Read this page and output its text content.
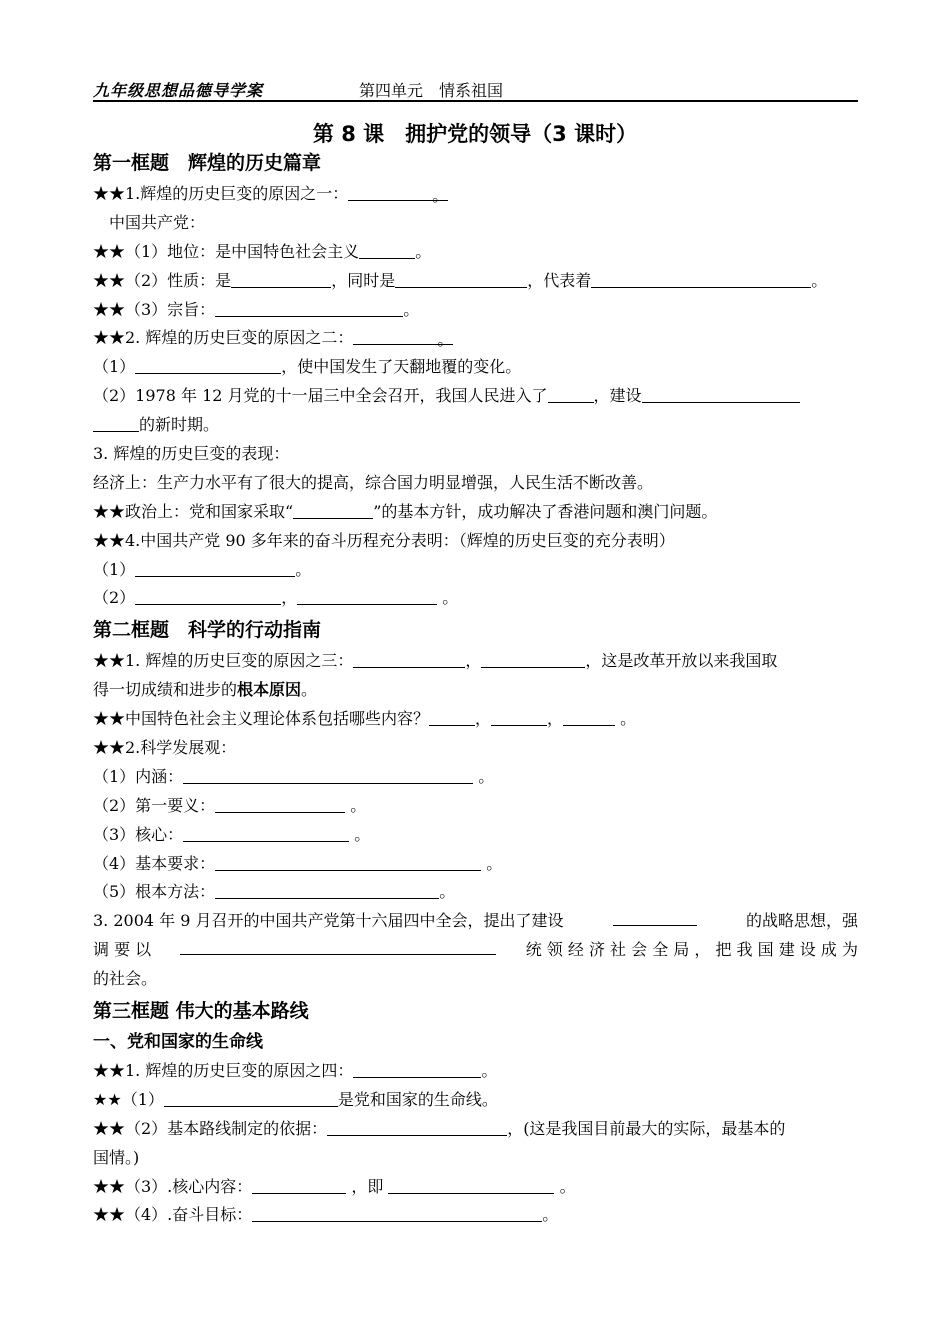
九年级思想品德导学案	第四单元　情系祖国
第 8 课　拥护党的领导（3 课时）
第一框题　辉煌的历史篇章
★★1.辉煌的历史巨变的原因之一：	。
中国共产党：
★★（1）地位：是中国特色社会主义	。
★★（2）性质：是	，同时是	，代表着	。
★★（3）宗旨：	。
★★2. 辉煌的历史巨变的原因之二：	。
（1）	，使中国发生了天翻地覆的变化。
（2）1978 年 12 月党的十一届三中全会召开，我国人民进入了	，建设
的新时期。
3. 辉煌的历史巨变的表现：
经济上：生产力水平有了很大的提高，综合国力明显增强，人民生活不断改善。
★★政治上：党和国家采取“	”的基本方针，成功解决了香港问题和澳门问题。
★★4.中国共产党 90 多年来的奋斗历程充分表明：（辉煌的历史巨变的充分表明）
（1）	。
（2）	，	。
第二框题　科学的行动指南
★★1. 辉煌的历史巨变的原因之三：	，	，这是改革开放以来我国取
得一切成绩和进步的根本原因。
★★中国特色社会主义理论体系包括哪些内容？	，	，	。
★★2.科学发展观：
（1）内涵：	。
（2）第一要义：	。
（3）核心：	。
（4）基本要求：	。
（5）根本方法：	。
3. 2004 年 9 月召开的中国共产党第十六届四中全会，提出了建设	的战略思想，强
调 要 以	统 领 经 济 社 会 全 局 ， 把 我 国 建 设 成 为
的社会。
第三框题 伟大的基本路线
一、党和国家的生命线
★★1. 辉煌的历史巨变的原因之四：	。
★★（1）	是党和国家的生命线。
★★（2）基本路线制定的依据：	，(这是我国目前最大的实际，最基本的
国情。)
★★（3）.核心内容：	，即	。
★★（4）.奋斗目标：	。
